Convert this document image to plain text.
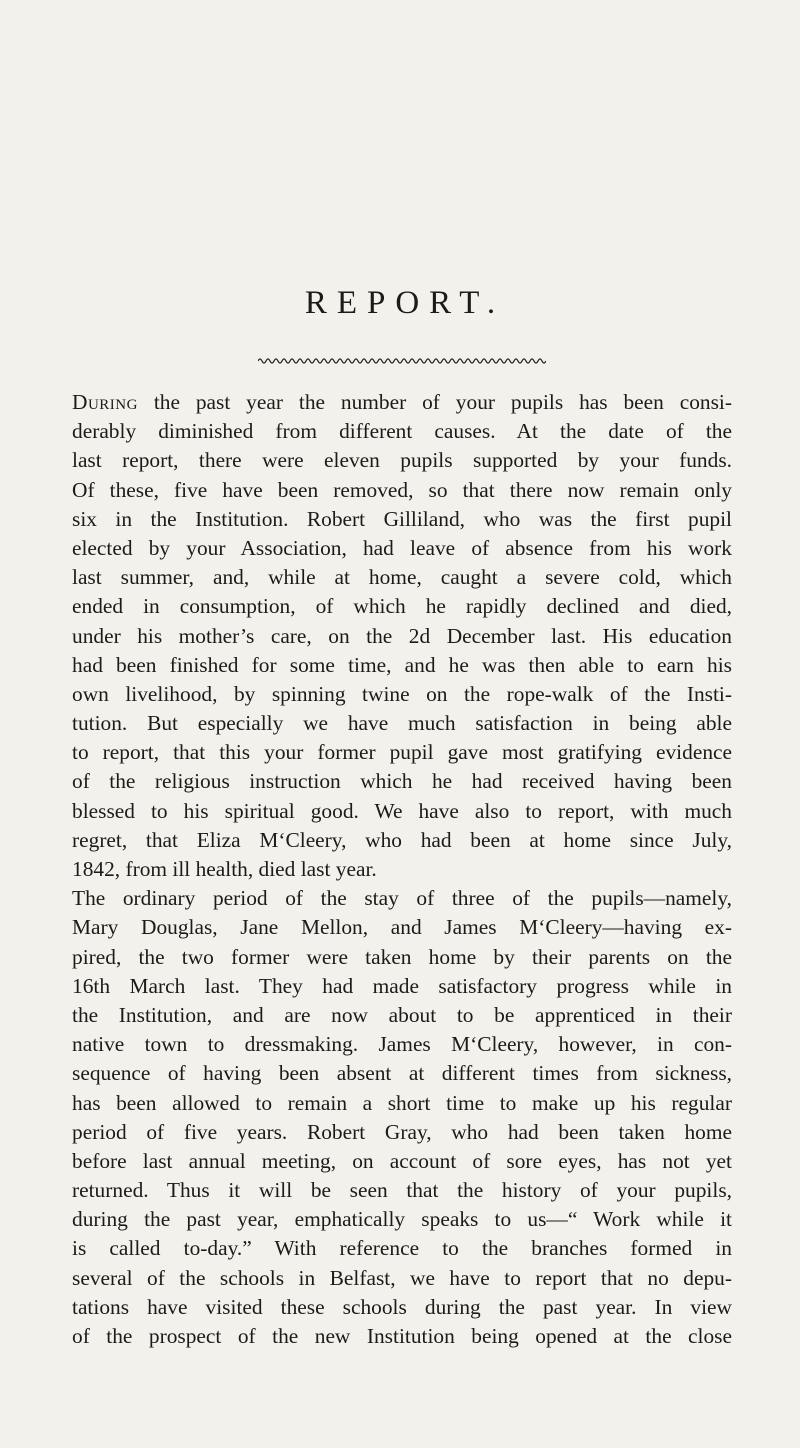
REPORT.
During the past year the number of your pupils has been consi-
derably diminished from different causes. At the date of the
last report, there were eleven pupils supported by your funds.
Of these, five have been removed, so that there now remain only
six in the Institution. Robert Gilliland, who was the first pupil
elected by your Association, had leave of absence from his work
last summer, and, while at home, caught a severe cold, which
ended in consumption, of which he rapidly declined and died,
under his mother’s care, on the 2d December last. His education
had been finished for some time, and he was then able to earn his
own livelihood, by spinning twine on the rope-walk of the Insti-
tution. But especially we have much satisfaction in being able
to report, that this your former pupil gave most gratifying evidence
of the religious instruction which he had received having been
blessed to his spiritual good. We have also to report, with much
regret, that Eliza M‘Cleery, who had been at home since July,
1842, from ill health, died last year.
The ordinary period of the stay of three of the pupils—namely,
Mary Douglas, Jane Mellon, and James M‘Cleery—having ex-
pired, the two former were taken home by their parents on the
16th March last. They had made satisfactory progress while in
the Institution, and are now about to be apprenticed in their
native town to dressmaking. James M‘Cleery, however, in con-
sequence of having been absent at different times from sickness,
has been allowed to remain a short time to make up his regular
period of five years. Robert Gray, who had been taken home
before last annual meeting, on account of sore eyes, has not yet
returned. Thus it will be seen that the history of your pupils,
during the past year, emphatically speaks to us—“ Work while it
is called to-day.” With reference to the branches formed in
several of the schools in Belfast, we have to report that no depu-
tations have visited these schools during the past year. In view
of the prospect of the new Institution being opened at the close
